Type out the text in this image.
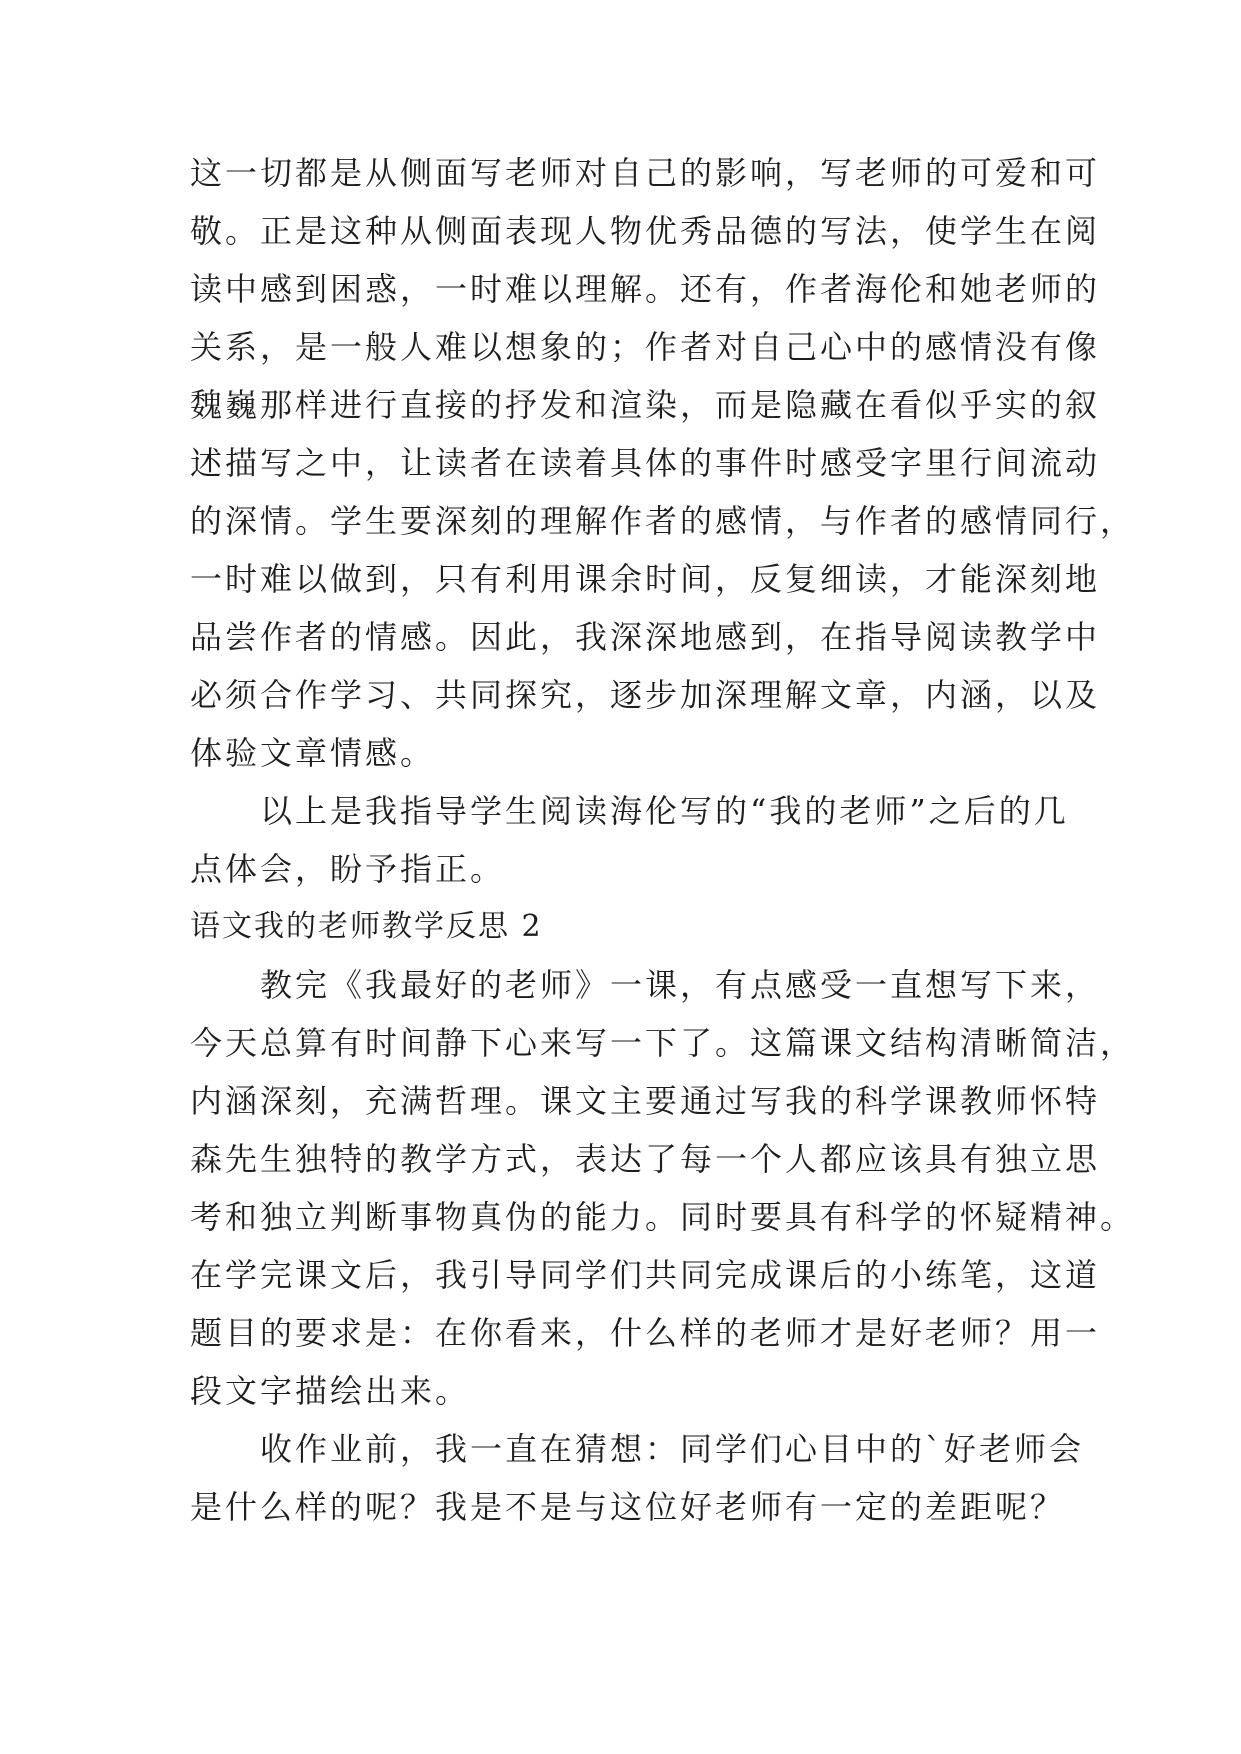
这一切都是从侧面写老师对自己的影响，写老师的可爱和可
敬。正是这种从侧面表现人物优秀品德的写法，使学生在阅
读中感到困惑，一时难以理解。还有，作者海伦和她老师的
关系，是一般人难以想象的；作者对自己心中的感情没有像
魏巍那样进行直接的抒发和渲染，而是隐藏在看似乎实的叙
述描写之中，让读者在读着具体的事件时感受字里行间流动
的深情。学生要深刻的理解作者的感情，与作者的感情同行，
一时难以做到，只有利用课余时间，反复细读，才能深刻地
品尝作者的情感。因此，我深深地感到，在指导阅读教学中
必须合作学习、共同探究，逐步加深理解文章，内涵，以及
体验文章情感。
以上是我指导学生阅读海伦写的“我的老师”之后的几
点体会，盼予指正。
语文我的老师教学反思 2
教完《我最好的老师》一课，有点感受一直想写下来，
今天总算有时间静下心来写一下了。这篇课文结构清晰简洁，
内涵深刻，充满哲理。课文主要通过写我的科学课教师怀特
森先生独特的教学方式，表达了每一个人都应该具有独立思
考和独立判断事物真伪的能力。同时要具有科学的怀疑精神。
在学完课文后，我引导同学们共同完成课后的小练笔，这道
题目的要求是：在你看来，什么样的老师才是好老师？用一
段文字描绘出来。
收作业前，我一直在猜想：同学们心目中的`好老师会
是什么样的呢？我是不是与这位好老师有一定的差距呢？
